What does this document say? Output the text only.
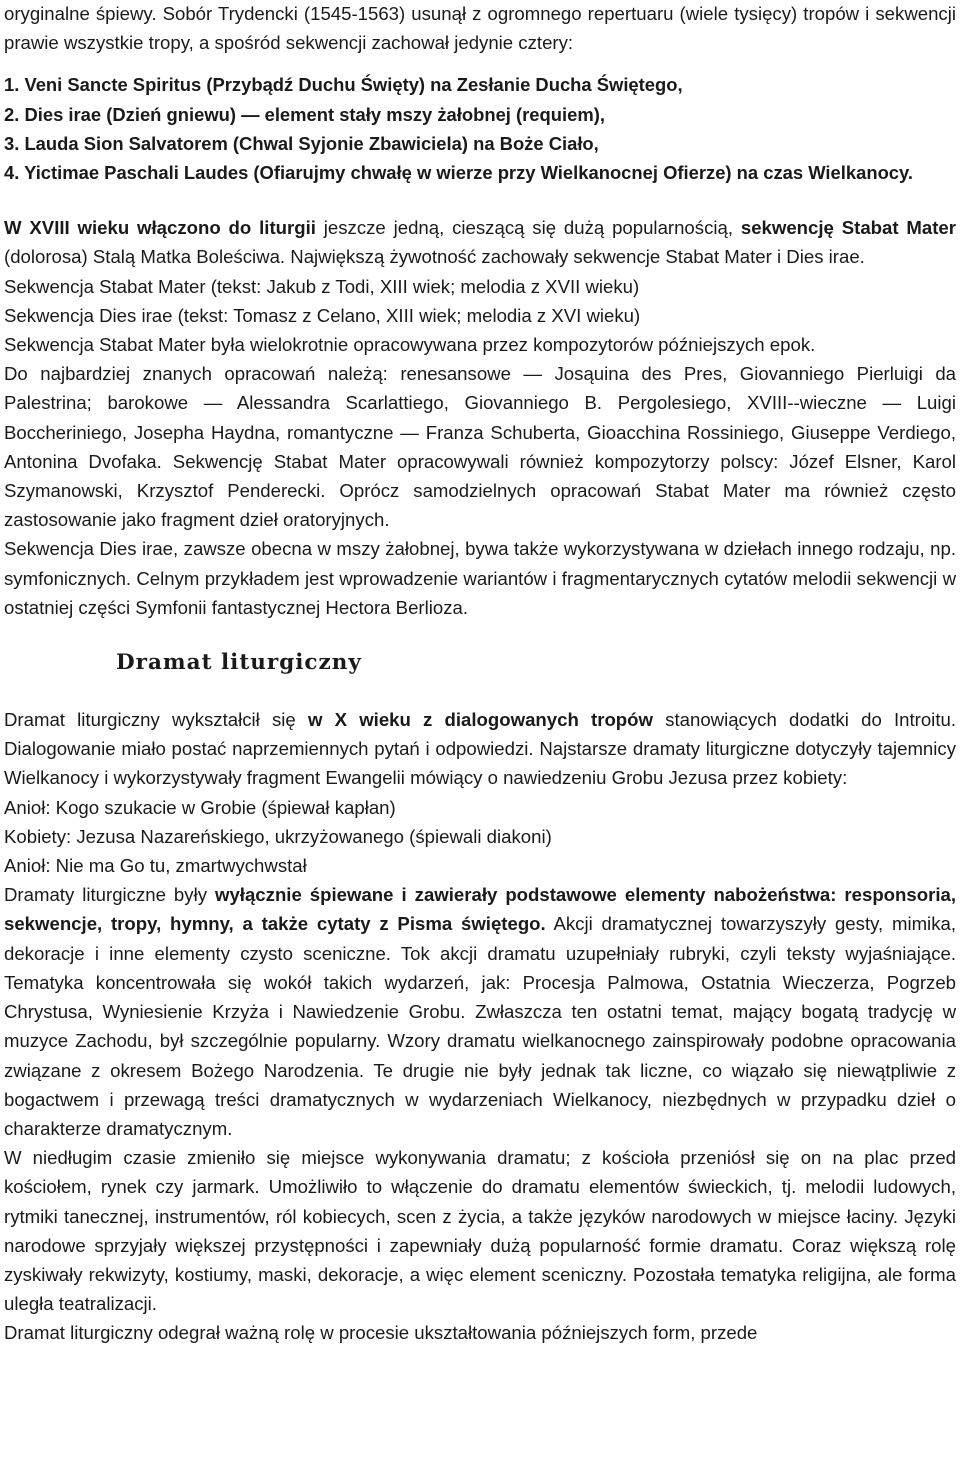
oryginalne śpiewy. Sobór Trydencki (1545-1563) usunął z ogromnego repertuaru (wiele tysięcy) tropów i sekwencji prawie wszystkie tropy, a spośród sekwencji zachował jedynie cztery:

1. Veni Sancte Spiritus (Przybądź Duchu Święty) na Zesłanie Ducha Świętego,
2. Dies irae (Dzień gniewu) — element stały mszy żałobnej (requiem),
3. Lauda Sion Salvatorem (Chwal Syjonie Zbawiciela) na Boże Ciało,
4. Yictimae Paschali Laudes (Ofiarujmy chwałę w wierze przy Wielkanocnej Ofierze) na czas Wielkanocy.

W XVIII wieku włączono do liturgii jeszcze jedną, cieszącą się dużą popularnością, sekwencję Stabat Mater (dolorosa) Stalą Matka Boleściwa. Największą żywotność zachowały sekwencje Stabat Mater i Dies irae.

Sekwencja Stabat Mater (tekst: Jakub z Todi, XIII wiek; melodia z XVII wieku)

Sekwencja Dies irae (tekst: Tomasz z Celano, XIII wiek; melodia z XVI wieku)

Sekwencja Stabat Mater była wielokrotnie opracowywana przez kompozytorów późniejszych epok.

Do najbardziej znanych opracowań należą: renesansowe — Josąuina des Pres, Giovanniego Pierluigi da Palestrina; barokowe — Alessandra Scarlattiego, Giovanniego B. Pergolesiego, XVIII--wieczne — Luigi Boccheriniego, Josepha Haydna, romantyczne — Franza Schuberta, Gioacchina Rossiniego, Giuseppe Verdiego, Antonina Dvofaka. Sekwencję Stabat Mater opracowywali również kompozytorzy polscy: Józef Elsner, Karol Szymanowski, Krzysztof Penderecki. Oprócz samodzielnych opracowań Stabat Mater ma również często zastosowanie jako fragment dzieł oratoryjnych.

Sekwencja Dies irae, zawsze obecna w mszy żałobnej, bywa także wykorzystywana w dziełach innego rodzaju, np. symfonicznych. Celnym przykładem jest wprowadzenie wariantów i fragmentarycznych cytatów melodii sekwencji w ostatniej części Symfonii fantastycznej Hectora Berlioza.

Dramat liturgiczny

Dramat liturgiczny wykształcił się w X wieku z dialogowanych tropów stanowiących dodatki do Introitu. Dialogowanie miało postać naprzemiennych pytań i odpowiedzi. Najstarsze dramaty liturgiczne dotyczyły tajemnicy Wielkanocy i wykorzystywały fragment Ewangelii mówiący o nawiedzeniu Grobu Jezusa przez kobiety:

Anioł: Kogo szukacie w Grobie (śpiewał kapłan)

Kobiety: Jezusa Nazareńskiego, ukrzyżowanego (śpiewali diakoni)

Anioł: Nie ma Go tu, zmartwychwstał

Dramaty liturgiczne były wyłącznie śpiewane i zawierały podstawowe elementy nabożeństwa: responsoria, sekwencje, tropy, hymny, a także cytaty z Pisma świętego. Akcji dramatycznej towarzyszyły gesty, mimika, dekoracje i inne elementy czysto sceniczne. Tok akcji dramatu uzupełniały rubryki, czyli teksty wyjaśniające. Tematyka koncentrowała się wokół takich wydarzeń, jak: Procesja Palmowa, Ostatnia Wieczerza, Pogrzeb Chrystusa, Wyniesienie Krzyża i Nawiedzenie Grobu. Zwłaszcza ten ostatni temat, mający bogatą tradycję w muzyce Zachodu, był szczególnie popularny. Wzory dramatu wielkanocnego zainspirowały podobne opracowania związane z okresem Bożego Narodzenia. Te drugie nie były jednak tak liczne, co wiązało się niewątpliwie z bogactwem i przewagą treści dramatycznych w wydarzeniach Wielkanocy, niezbędnych w przypadku dzieł o charakterze dramatycznym.

W niedługim czasie zmieniło się miejsce wykonywania dramatu; z kościoła przeniósł się on na plac przed kościołem, rynek czy jarmark. Umożliwiło to włączenie do dramatu elementów świeckich, tj. melodii ludowych, rytmiki tanecznej, instrumentów, ról kobiecych, scen z życia, a także języków narodowych w miejsce łaciny. Języki narodowe sprzyjały większej przystępności i zapewniały dużą popularność formie dramatu. Coraz większą rolę zyskiwały rekwizyty, kostiumy, maski, dekoracje, a więc element sceniczny. Pozostała tematyka religijna, ale forma uległa teatralizacji.

Dramat liturgiczny odegrał ważną rolę w procesie ukształtowania późniejszych form, przede
